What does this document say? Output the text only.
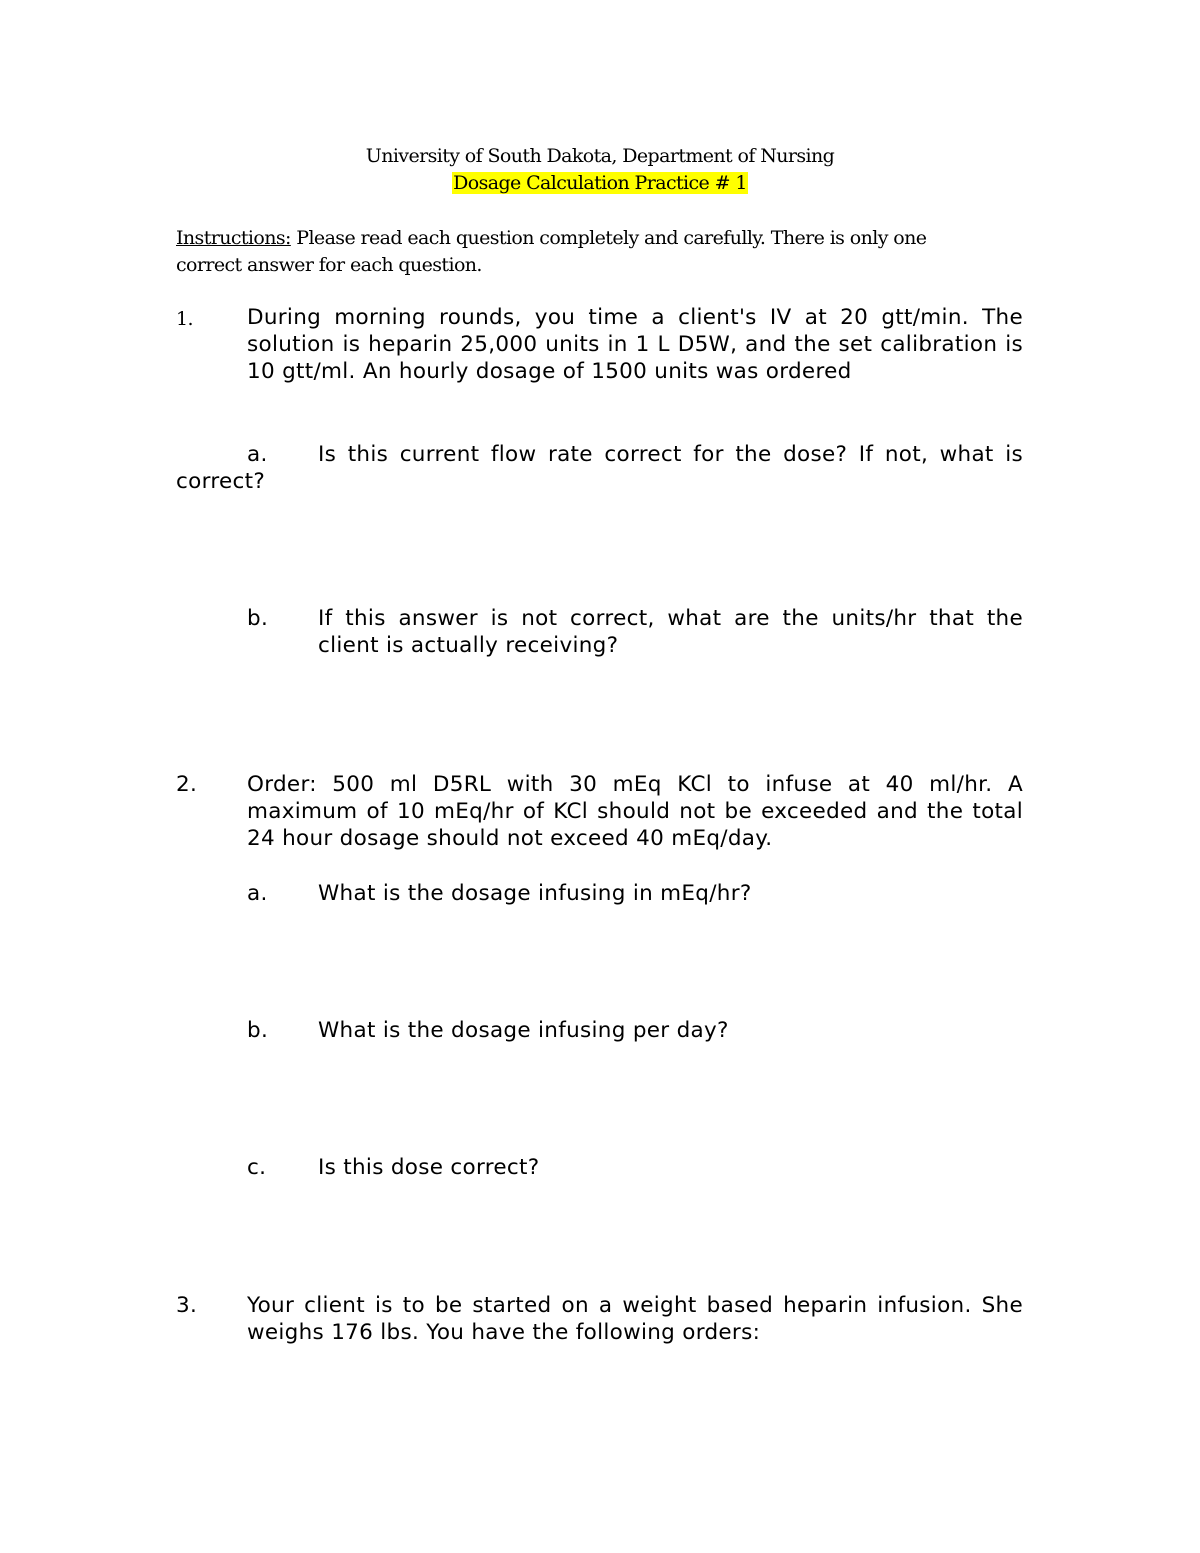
University of South Dakota, Department of Nursing
Dosage Calculation Practice # 1
Instructions: Please read each question completely and carefully. There is only one correct answer for each question.
1.	During morning rounds, you time a client's IV at 20 gtt/min. The solution is heparin 25,000 units in 1 L D5W, and the set calibration is 10 gtt/ml. An hourly dosage of 1500 units was ordered
a.	Is this current flow rate correct for the dose? If not, what is correct?
b. If this answer is not correct, what are the units/hr that the client is actually receiving?
2. Order: 500 ml D5RL with 30 mEq KCl to infuse at 40 ml/hr. A maximum of 10 mEq/hr of KCl should not be exceeded and the total 24 hour dosage should not exceed 40 mEq/day.
a. What is the dosage infusing in mEq/hr?
b. What is the dosage infusing per day?
c. Is this dose correct?
3. Your client is to be started on a weight based heparin infusion. She weighs 176 lbs. You have the following orders:
